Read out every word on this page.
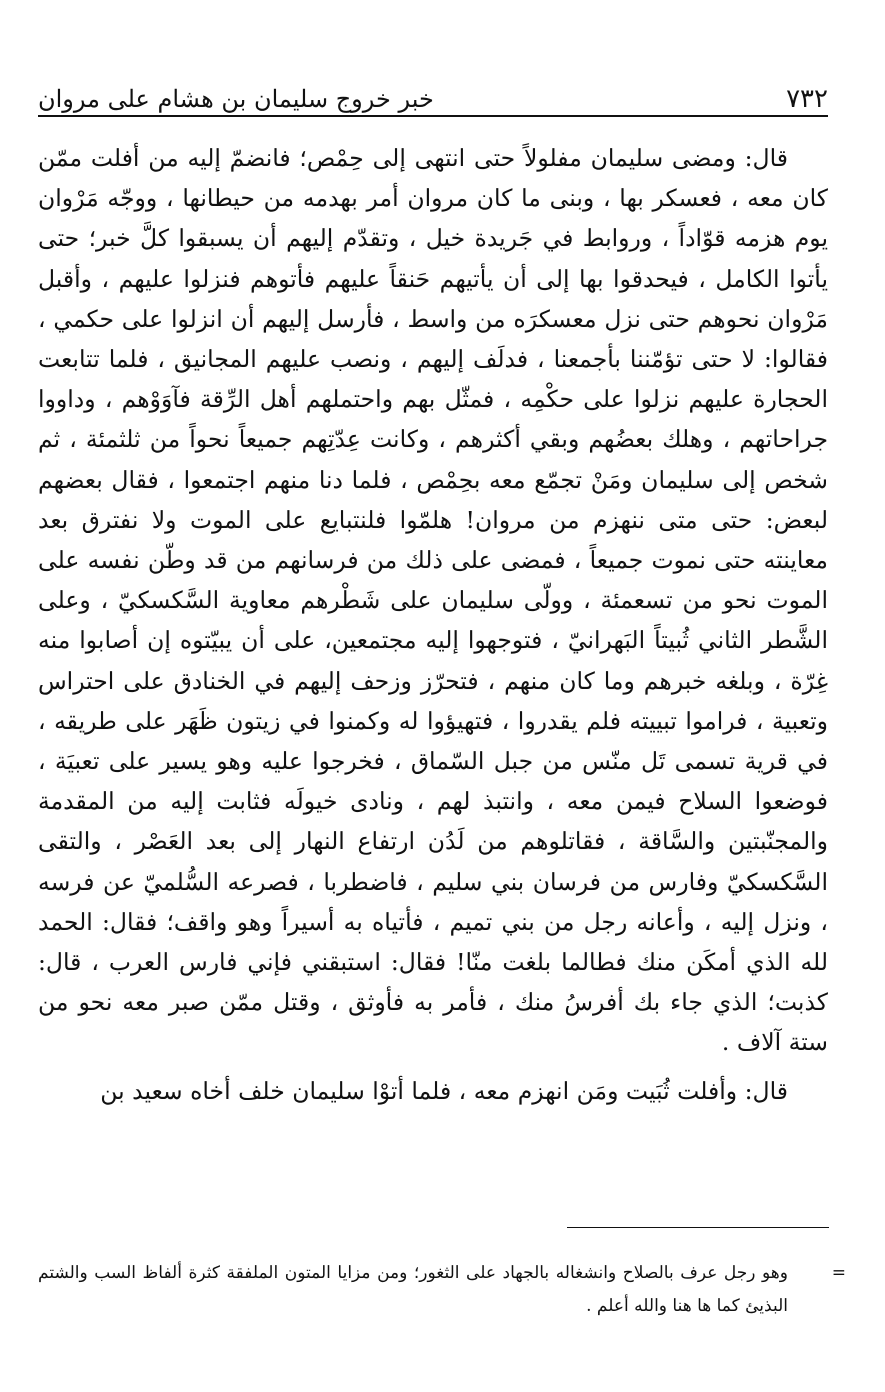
٧٣٢
خبر خروج سليمان بن هشام على مروان

قال: ومضى سليمان مفلولاً حتى انتهى إلى حِمْص؛ فانضمّ إليه من أفلت ممّن كان معه ، فعسكر بها ، وبنى ما كان مروان أمر بهدمه من حيطانها ، ووجّه مَرْوان يوم هزمه قوّاداً ، وروابط في جَريدة خيل ، وتقدّم إليهم أن يسبقوا كلَّ خبر؛ حتى يأتوا الكامل ، فيحدقوا بها إلى أن يأتيهم حَنقاً عليهم فأتوهم فنزلوا عليهم ، وأقبل مَرْوان نحوهم حتى نزل معسكرَه من واسط ، فأرسل إليهم أن انزلوا على حكمي ، فقالوا: لا حتى تؤمّننا بأجمعنا ، فدلَف إليهم ، ونصب عليهم المجانيق ، فلما تتابعت الحجارة عليهم نزلوا على حكْمِه ، فمثّل بهم واحتملهم أهل الرِّقة فآوَوْهم ، وداووا جراحاتهم ، وهلك بعضُهم وبقي أكثرهم ، وكانت عِدّتِهم جميعاً نحواً من ثلثمئة ، ثم شخص إلى سليمان ومَنْ تجمّع معه بحِمْص ، فلما دنا منهم اجتمعوا ، فقال بعضهم لبعض: حتى متى ننهزم من مروان! هلمّوا فلنتبايع على الموت ولا نفترق بعد معاينته حتى نموت جميعاً ، فمضى على ذلك من فرسانهم من قد وطّن نفسه على الموت نحو من تسعمئة ، وولّى سليمان على شَطْرهم معاوية السَّكسكيّ ، وعلى الشَّطر الثاني ثُبيتاً البَهرانيّ ، فتوجهوا إليه مجتمعين، على أن يبيّتوه إن أصابوا منه غِرّة ، وبلغه خبرهم وما كان منهم ، فتحرّز وزحف إليهم في الخنادق على احتراس وتعبية ، فراموا تبييته فلم يقدروا ، فتهيؤوا له وكمنوا في زيتون ظَهَر على طريقه ، في قرية تسمى تَل منّس من جبل السّماق ، فخرجوا عليه وهو يسير على تعبيَة ، فوضعوا السلاح فيمن معه ، وانتبذ لهم ، ونادى خيولَه فثابت إليه من المقدمة والمجنّبتين والسَّاقة ، فقاتلوهم من لَدُن ارتفاع النهار إلى بعد العَصْر ، والتقى السَّكسكيّ وفارس من فرسان بني سليم ، فاضطربا ، فصرعه السُّلميّ عن فرسه ، ونزل إليه ، وأعانه رجل من بني تميم ، فأتياه به أسيراً وهو واقف؛ فقال: الحمد لله الذي أمكَن منك فطالما بلغت منّا! فقال: استبقني فإني فارس العرب ، قال: كذبت؛ الذي جاء بك أفرسُ منك ، فأمر به فأوثق ، وقتل ممّن صبر معه نحو من ستة آلاف .

قال: وأفلت ثُبَيت ومَن انهزم معه ، فلما أتوْا سليمان خلف أخاه سعيد بن

=
وهو رجل عرف بالصلاح وانشغاله بالجهاد على الثغور؛ ومن مزايا المتون الملفقة كثرة ألفاظ السب والشتم البذيئ كما ها هنا والله أعلم .
